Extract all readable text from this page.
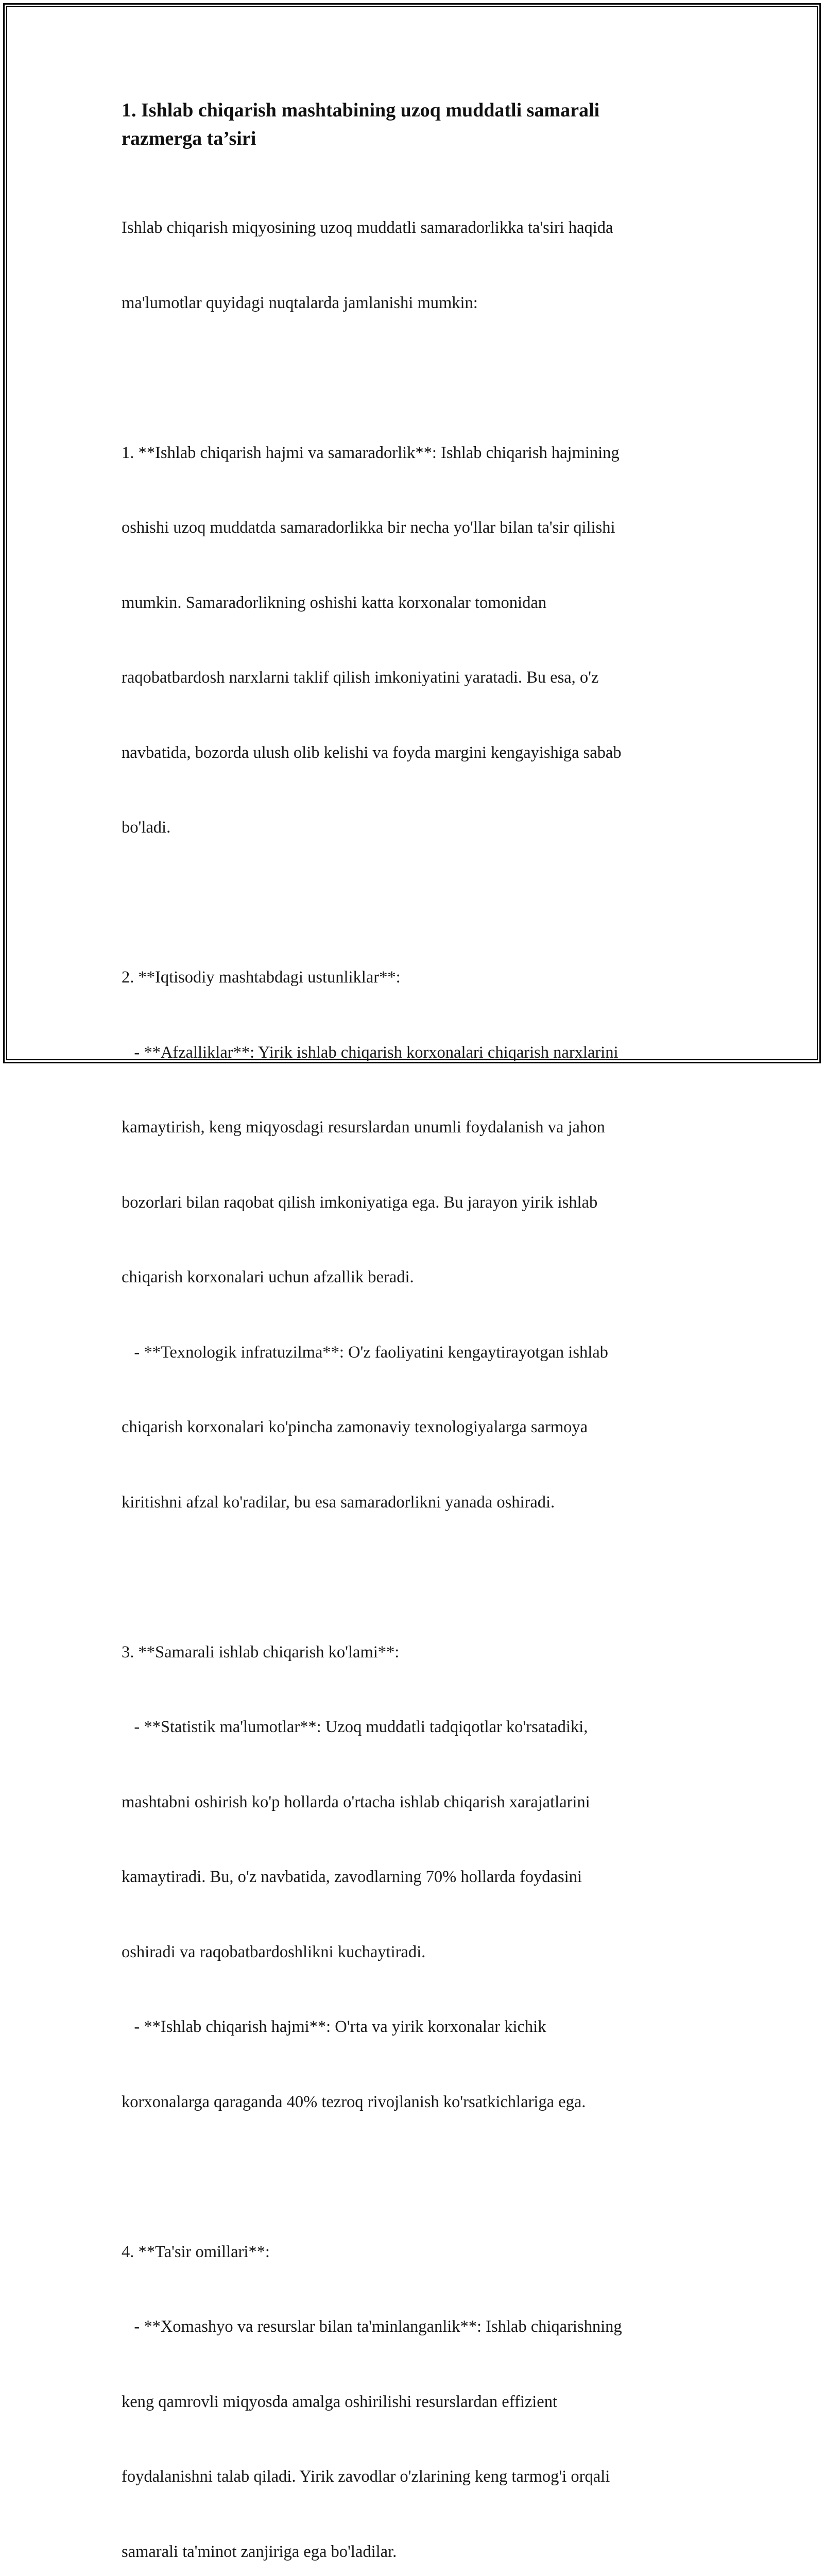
1. Ishlab chiqarish mashtabining uzoq muddatli samarali
razmerga ta’siri

Ishlab chiqarish miqyosining uzoq muddatli samaradorlikka ta'siri haqida

ma'lumotlar quyidagi nuqtalarda jamlanishi mumkin:

1. **Ishlab chiqarish hajmi va samaradorlik**: Ishlab chiqarish hajmining

oshishi uzoq muddatda samaradorlikka bir necha yo'llar bilan ta'sir qilishi

mumkin. Samaradorlikning oshishi katta korxonalar tomonidan

raqobatbardosh narxlarni taklif qilish imkoniyatini yaratadi. Bu esa, o'z

navbatida, bozorda ulush olib kelishi va foyda margini kengayishiga sabab

bo'ladi.

2. **Iqtisodiy mashtabdagi ustunliklar**:

- **Afzalliklar**: Yirik ishlab chiqarish korxonalari chiqarish narxlarini

kamaytirish, keng miqyosdagi resurslardan unumli foydalanish va jahon

bozorlari bilan raqobat qilish imkoniyatiga ega. Bu jarayon yirik ishlab

chiqarish korxonalari uchun afzallik beradi.

- **Texnologik infratuzilma**: O'z faoliyatini kengaytirayotgan ishlab

chiqarish korxonalari ko'pincha zamonaviy texnologiyalarga sarmoya

kiritishni afzal ko'radilar, bu esa samaradorlikni yanada oshiradi.

3. **Samarali ishlab chiqarish ko'lami**:

- **Statistik ma'lumotlar**: Uzoq muddatli tadqiqotlar ko'rsatadiki,

mashtabni oshirish ko'p hollarda o'rtacha ishlab chiqarish xarajatlarini

kamaytiradi. Bu, o'z navbatida, zavodlarning 70% hollarda foydasini

oshiradi va raqobatbardoshlikni kuchaytiradi.

- **Ishlab chiqarish hajmi**: O'rta va yirik korxonalar kichik

korxonalarga qaraganda 40% tezroq rivojlanish ko'rsatkichlariga ega.

4. **Ta'sir omillari**:

- **Xomashyo va resurslar bilan ta'minlanganlik**: Ishlab chiqarishning

keng qamrovli miqyosda amalga oshirilishi resurslardan effizient

foydalanishni talab qiladi. Yirik zavodlar o'zlarining keng tarmog'i orqali

samarali ta'minot zanjiriga ega bo'ladilar.
